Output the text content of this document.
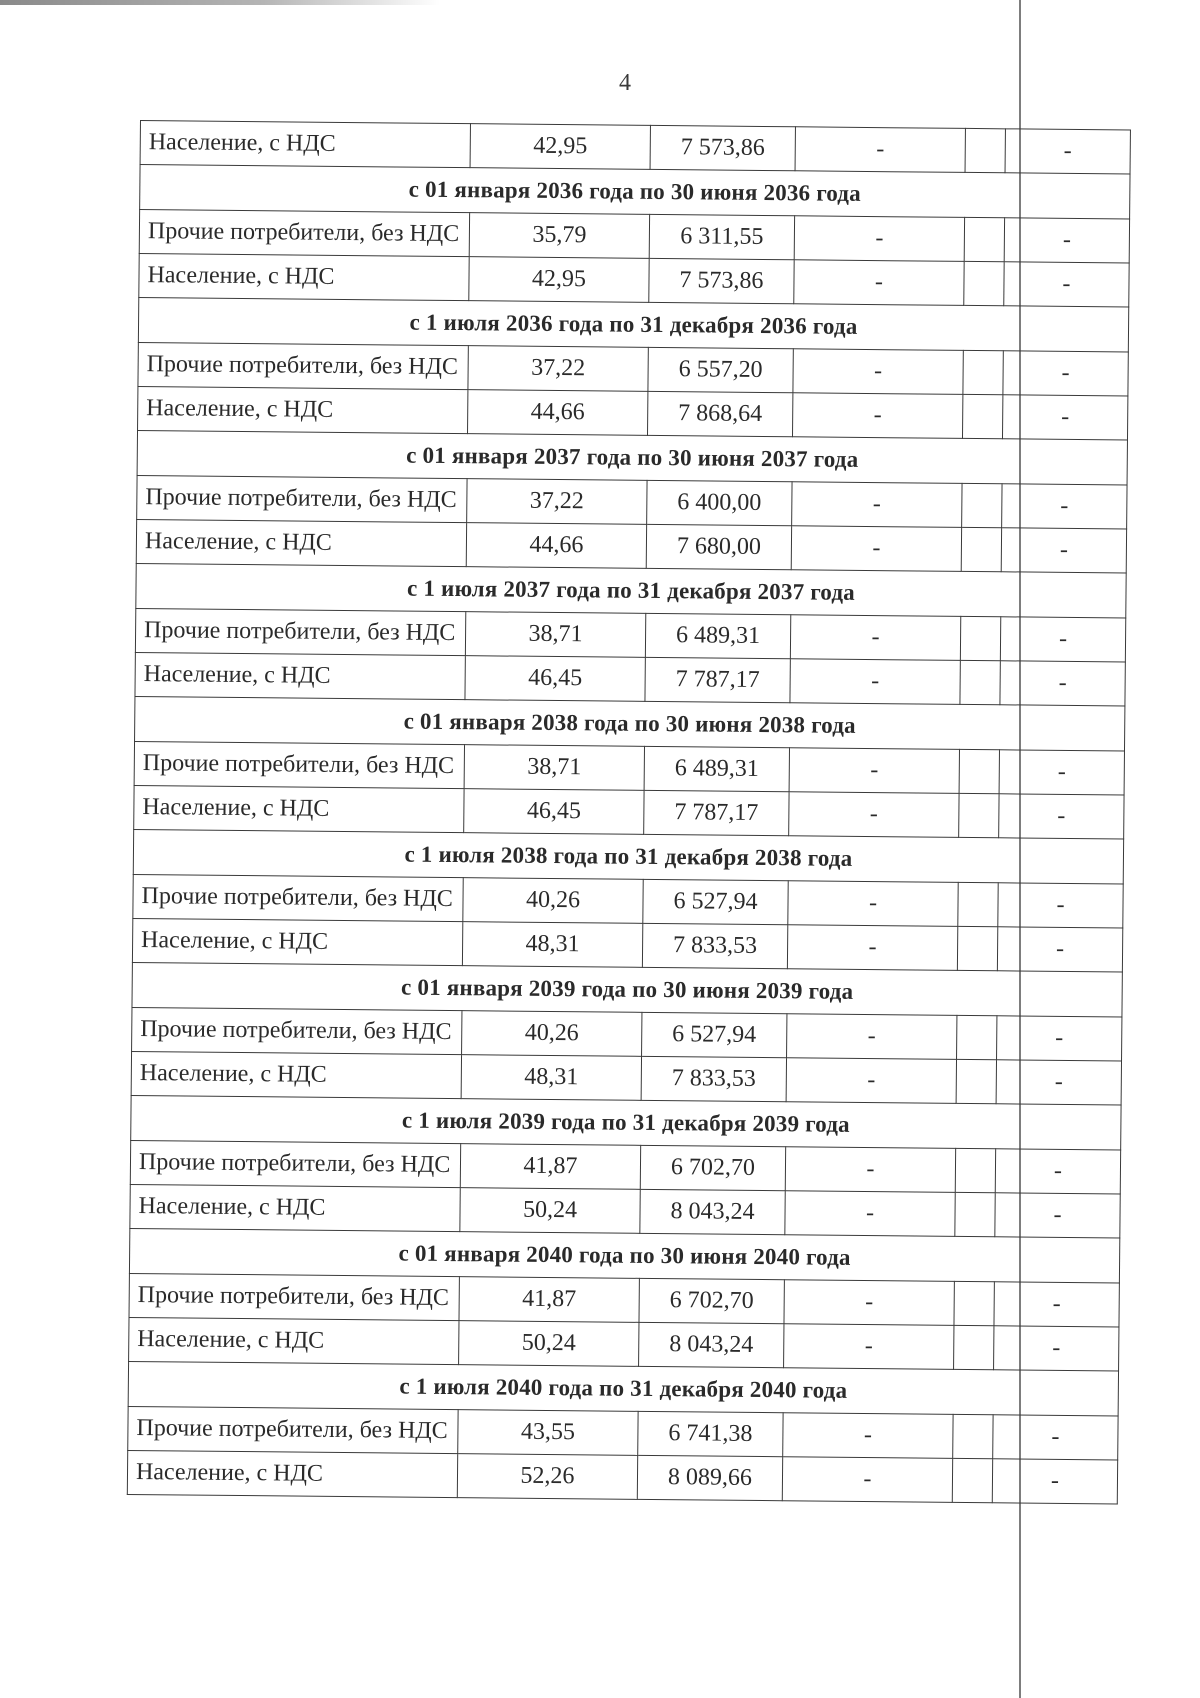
4
Население, с НДС	42,95	7 573,86	-		-
с 01 января 2036 года по 30 июня 2036 года					
Прочие потребители, без НДС	35,79	6 311,55	-		-
Население, с НДС	42,95	7 573,86	-		-
с 1 июля 2036 года по 31 декабря 2036 года					
Прочие потребители, без НДС	37,22	6 557,20	-		-
Население, с НДС	44,66	7 868,64	-		-
с 01 января 2037 года по 30 июня 2037 года					
Прочие потребители, без НДС	37,22	6 400,00	-		-
Население, с НДС	44,66	7 680,00	-		-
с 1 июля 2037 года по 31 декабря 2037 года					
Прочие потребители, без НДС	38,71	6 489,31	-		-
Население, с НДС	46,45	7 787,17	-		-
с 01 января 2038 года по 30 июня 2038 года					
Прочие потребители, без НДС	38,71	6 489,31	-		-
Население, с НДС	46,45	7 787,17	-		-
с 1 июля 2038 года по 31 декабря 2038 года					
Прочие потребители, без НДС	40,26	6 527,94	-		-
Население, с НДС	48,31	7 833,53	-		-
с 01 января 2039 года по 30 июня 2039 года					
Прочие потребители, без НДС	40,26	6 527,94	-		-
Население, с НДС	48,31	7 833,53	-		-
с 1 июля 2039 года по 31 декабря 2039 года					
Прочие потребители, без НДС	41,87	6 702,70	-		-
Население, с НДС	50,24	8 043,24	-		-
с 01 января 2040 года по 30 июня 2040 года					
Прочие потребители, без НДС	41,87	6 702,70	-		-
Население, с НДС	50,24	8 043,24	-		-
с 1 июля 2040 года по 31 декабря 2040 года					
Прочие потребители, без НДС	43,55	6 741,38	-		-
Население, с НДС	52,26	8 089,66	-		-
